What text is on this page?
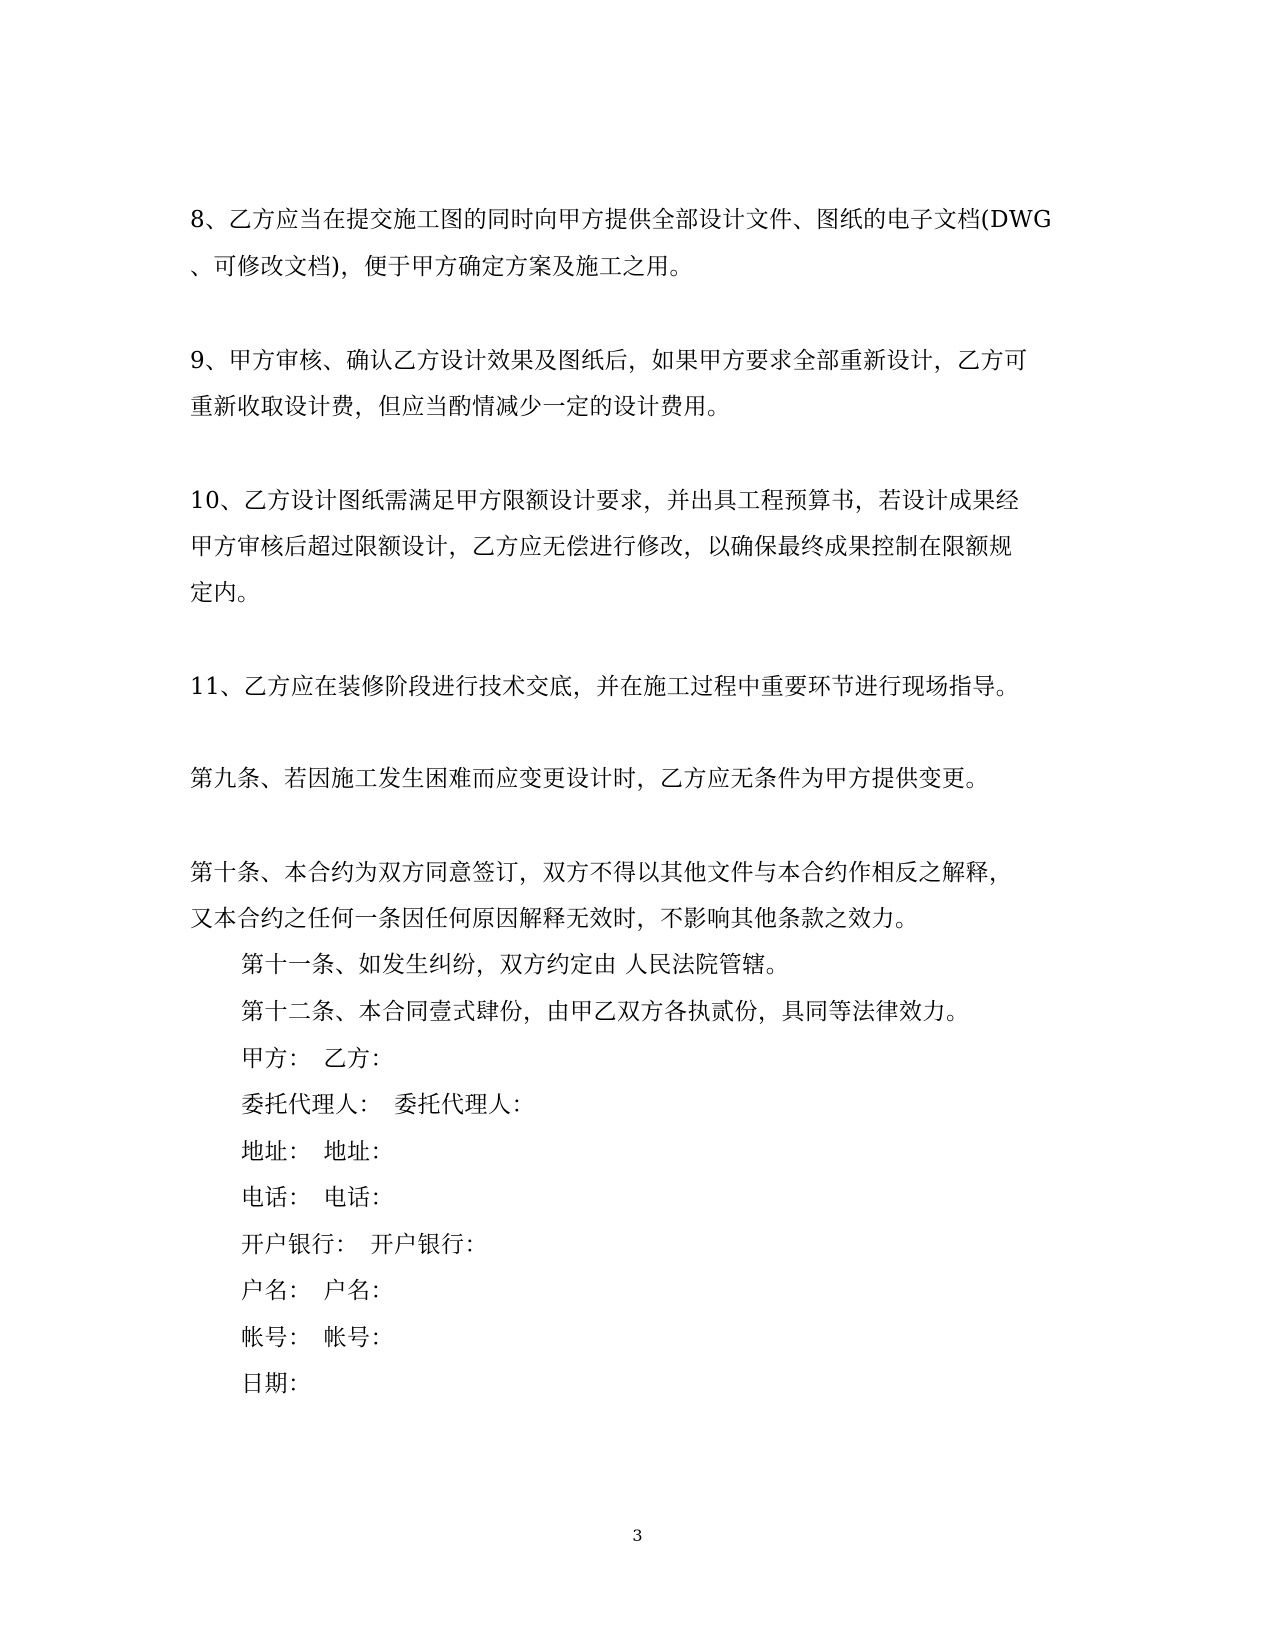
8、乙方应当在提交施工图的同时向甲方提供全部设计文件、图纸的电子文档(DWG
、可修改文档)，便于甲方确定方案及施工之用。
9、甲方审核、确认乙方设计效果及图纸后，如果甲方要求全部重新设计，乙方可
重新收取设计费，但应当酌情减少一定的设计费用。
10、乙方设计图纸需满足甲方限额设计要求，并出具工程预算书，若设计成果经
甲方审核后超过限额设计，乙方应无偿进行修改，以确保最终成果控制在限额规
定内。
11、乙方应在装修阶段进行技术交底，并在施工过程中重要环节进行现场指导。
第九条、若因施工发生困难而应变更设计时，乙方应无条件为甲方提供变更。
第十条、本合约为双方同意签订，双方不得以其他文件与本合约作相反之解释，
又本合约之任何一条因任何原因解释无效时，不影响其他条款之效力。
第十一条、如发生纠纷，双方约定由 人民法院管辖。
第十二条、本合同壹式肆份，由甲乙双方各执贰份，具同等法律效力。
甲方：　乙方：
委托代理人：　委托代理人：
地址：　地址：
电话：　电话：
开户银行：　开户银行：
户名：　户名：
帐号：　帐号：
日期：
3
